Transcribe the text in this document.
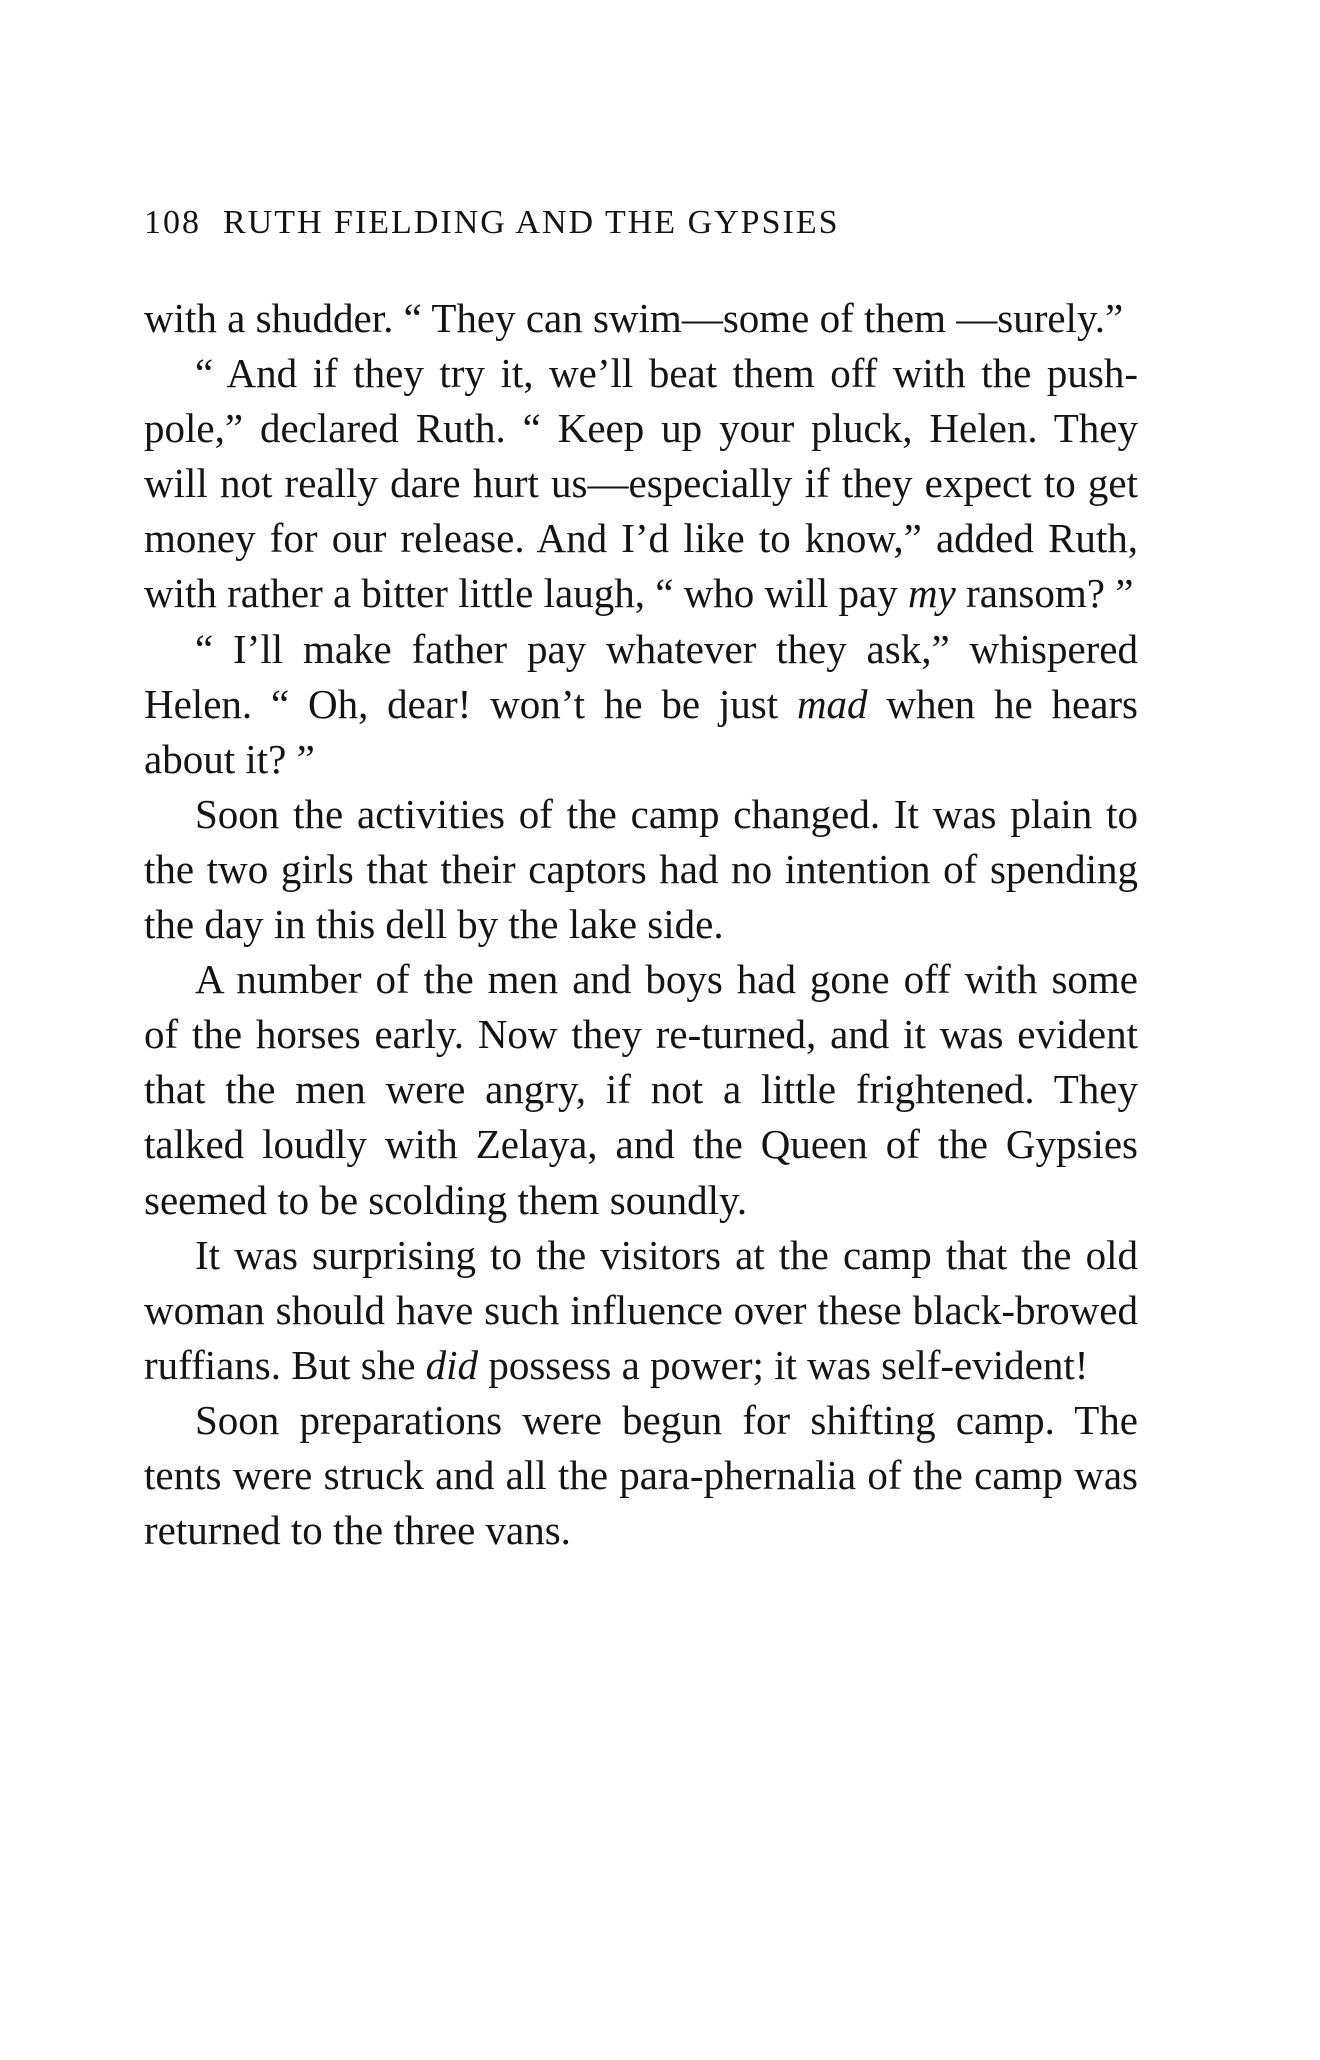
108 RUTH FIELDING AND THE GYPSIES

with a shudder. “ They can swim—some of them —surely.”

“ And if they try it, we’ll beat them off with the push-pole,” declared Ruth. “ Keep up your pluck, Helen. They will not really dare hurt us—especially if they expect to get money for our release. And I’d like to know,” added Ruth, with rather a bitter little laugh, “ who will pay my ransom? ”

“ I’ll make father pay whatever they ask,” whispered Helen. “ Oh, dear! won’t he be just mad when he hears about it? ”

Soon the activities of the camp changed. It was plain to the two girls that their captors had no intention of spending the day in this dell by the lake side.

A number of the men and boys had gone off with some of the horses early. Now they re-turned, and it was evident that the men were angry, if not a little frightened. They talked loudly with Zelaya, and the Queen of the Gypsies seemed to be scolding them soundly.

It was surprising to the visitors at the camp that the old woman should have such influence over these black-browed ruffians. But she did possess a power; it was self-evident!

Soon preparations were begun for shifting camp. The tents were struck and all the para-phernalia of the camp was returned to the three vans.
